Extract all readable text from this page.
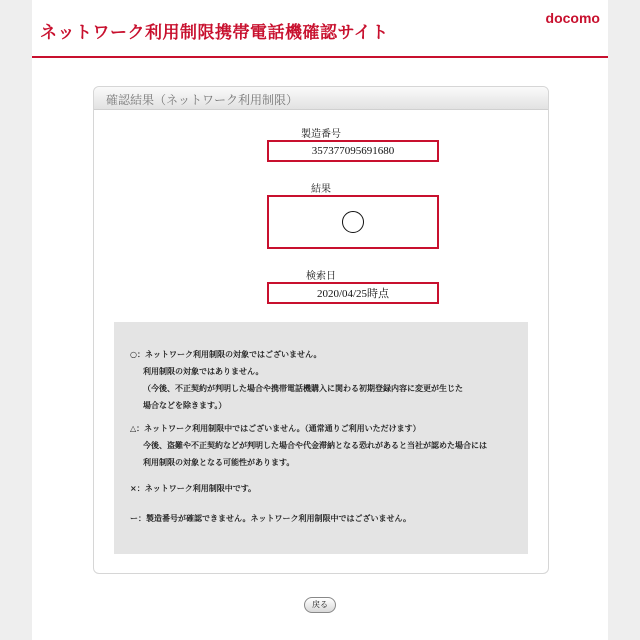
ネットワーク利用制限携帯電話機確認サイト
docomo
確認結果（ネットワーク利用制限）
製造番号
357377095691680
結果
検索日
2020/04/25時点
○：ネットワーク利用制限の対象ではございません。
利用制限の対象ではありません。
（今後、不正契約が判明した場合や携帯電話機購入に関わる初期登録内容に変更が生じた
場合などを除きます。）
△：ネットワーク利用制限中ではございません。（通常通りご利用いただけます）
今後、盗難や不正契約などが判明した場合や代金滞納となる恐れがあると当社が認めた場合には
利用制限の対象となる可能性があります。
×：ネットワーク利用制限中です。
ー：製造番号が確認できません。ネットワーク利用制限中ではございません。
戻る
